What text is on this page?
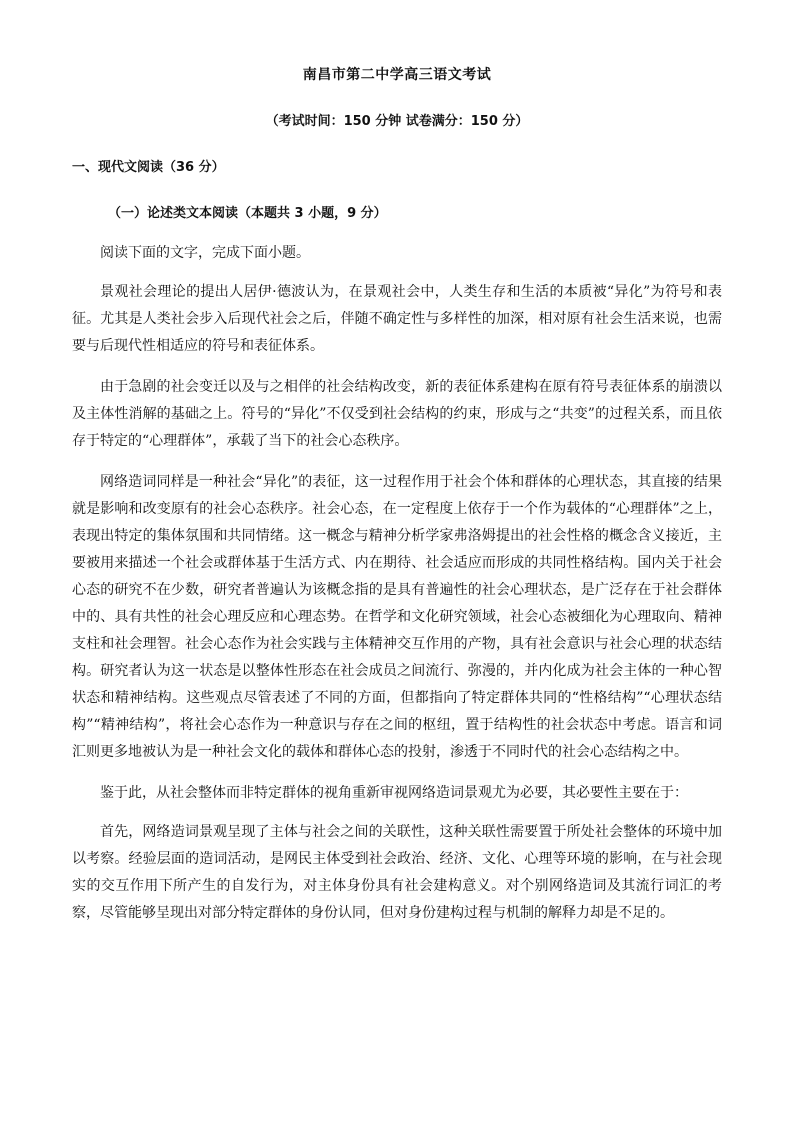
南昌市第二中学高三语文考试
（考试时间：150 分钟 试卷满分：150 分）
一、现代文阅读（36 分）
（一）论述类文本阅读（本题共 3 小题，9 分）

阅读下面的文字，完成下面小题。

景观社会理论的提出人居伊·德波认为，在景观社会中，人类生存和生活的本质被“异化”为符号和表征。尤其是人类社会步入后现代社会之后，伴随不确定性与多样性的加深，相对原有社会生活来说，也需要与后现代性相适应的符号和表征体系。

由于急剧的社会变迁以及与之相伴的社会结构改变，新的表征体系建构在原有符号表征体系的崩溃以及主体性消解的基础之上。符号的“异化”不仅受到社会结构的约束，形成与之“共变”的过程关系，而且依存于特定的“心理群体”，承载了当下的社会心态秩序。

网络造词同样是一种社会“异化”的表征，这一过程作用于社会个体和群体的心理状态，其直接的结果就是影响和改变原有的社会心态秩序。社会心态，在一定程度上依存于一个作为载体的“心理群体”之上，表现出特定的集体氛围和共同情绪。这一概念与精神分析学家弗洛姆提出的社会性格的概念含义接近，主要被用来描述一个社会或群体基于生活方式、内在期待、社会适应而形成的共同性格结构。国内关于社会心态的研究不在少数，研究者普遍认为该概念指的是具有普遍性的社会心理状态，是广泛存在于社会群体中的、具有共性的社会心理反应和心理态势。在哲学和文化研究领域，社会心态被细化为心理取向、精神支柱和社会理智。社会心态作为社会实践与主体精神交互作用的产物，具有社会意识与社会心理的状态结构。研究者认为这一状态是以整体性形态在社会成员之间流行、弥漫的，并内化成为社会主体的一种心智状态和精神结构。这些观点尽管表述了不同的方面，但都指向了特定群体共同的“性格结构”“心理状态结构”“精神结构”，将社会心态作为一种意识与存在之间的枢纽，置于结构性的社会状态中考虑。语言和词汇则更多地被认为是一种社会文化的载体和群体心态的投射，渗透于不同时代的社会心态结构之中。

鉴于此，从社会整体而非特定群体的视角重新审视网络造词景观尤为必要，其必要性主要在于：

首先，网络造词景观呈现了主体与社会之间的关联性，这种关联性需要置于所处社会整体的环境中加以考察。经验层面的造词活动，是网民主体受到社会政治、经济、文化、心理等环境的影响，在与社会现实的交互作用下所产生的自发行为，对主体身份具有社会建构意义。对个别网络造词及其流行词汇的考察，尽管能够呈现出对部分特定群体的身份认同，但对身份建构过程与机制的解释力却是不足的。
